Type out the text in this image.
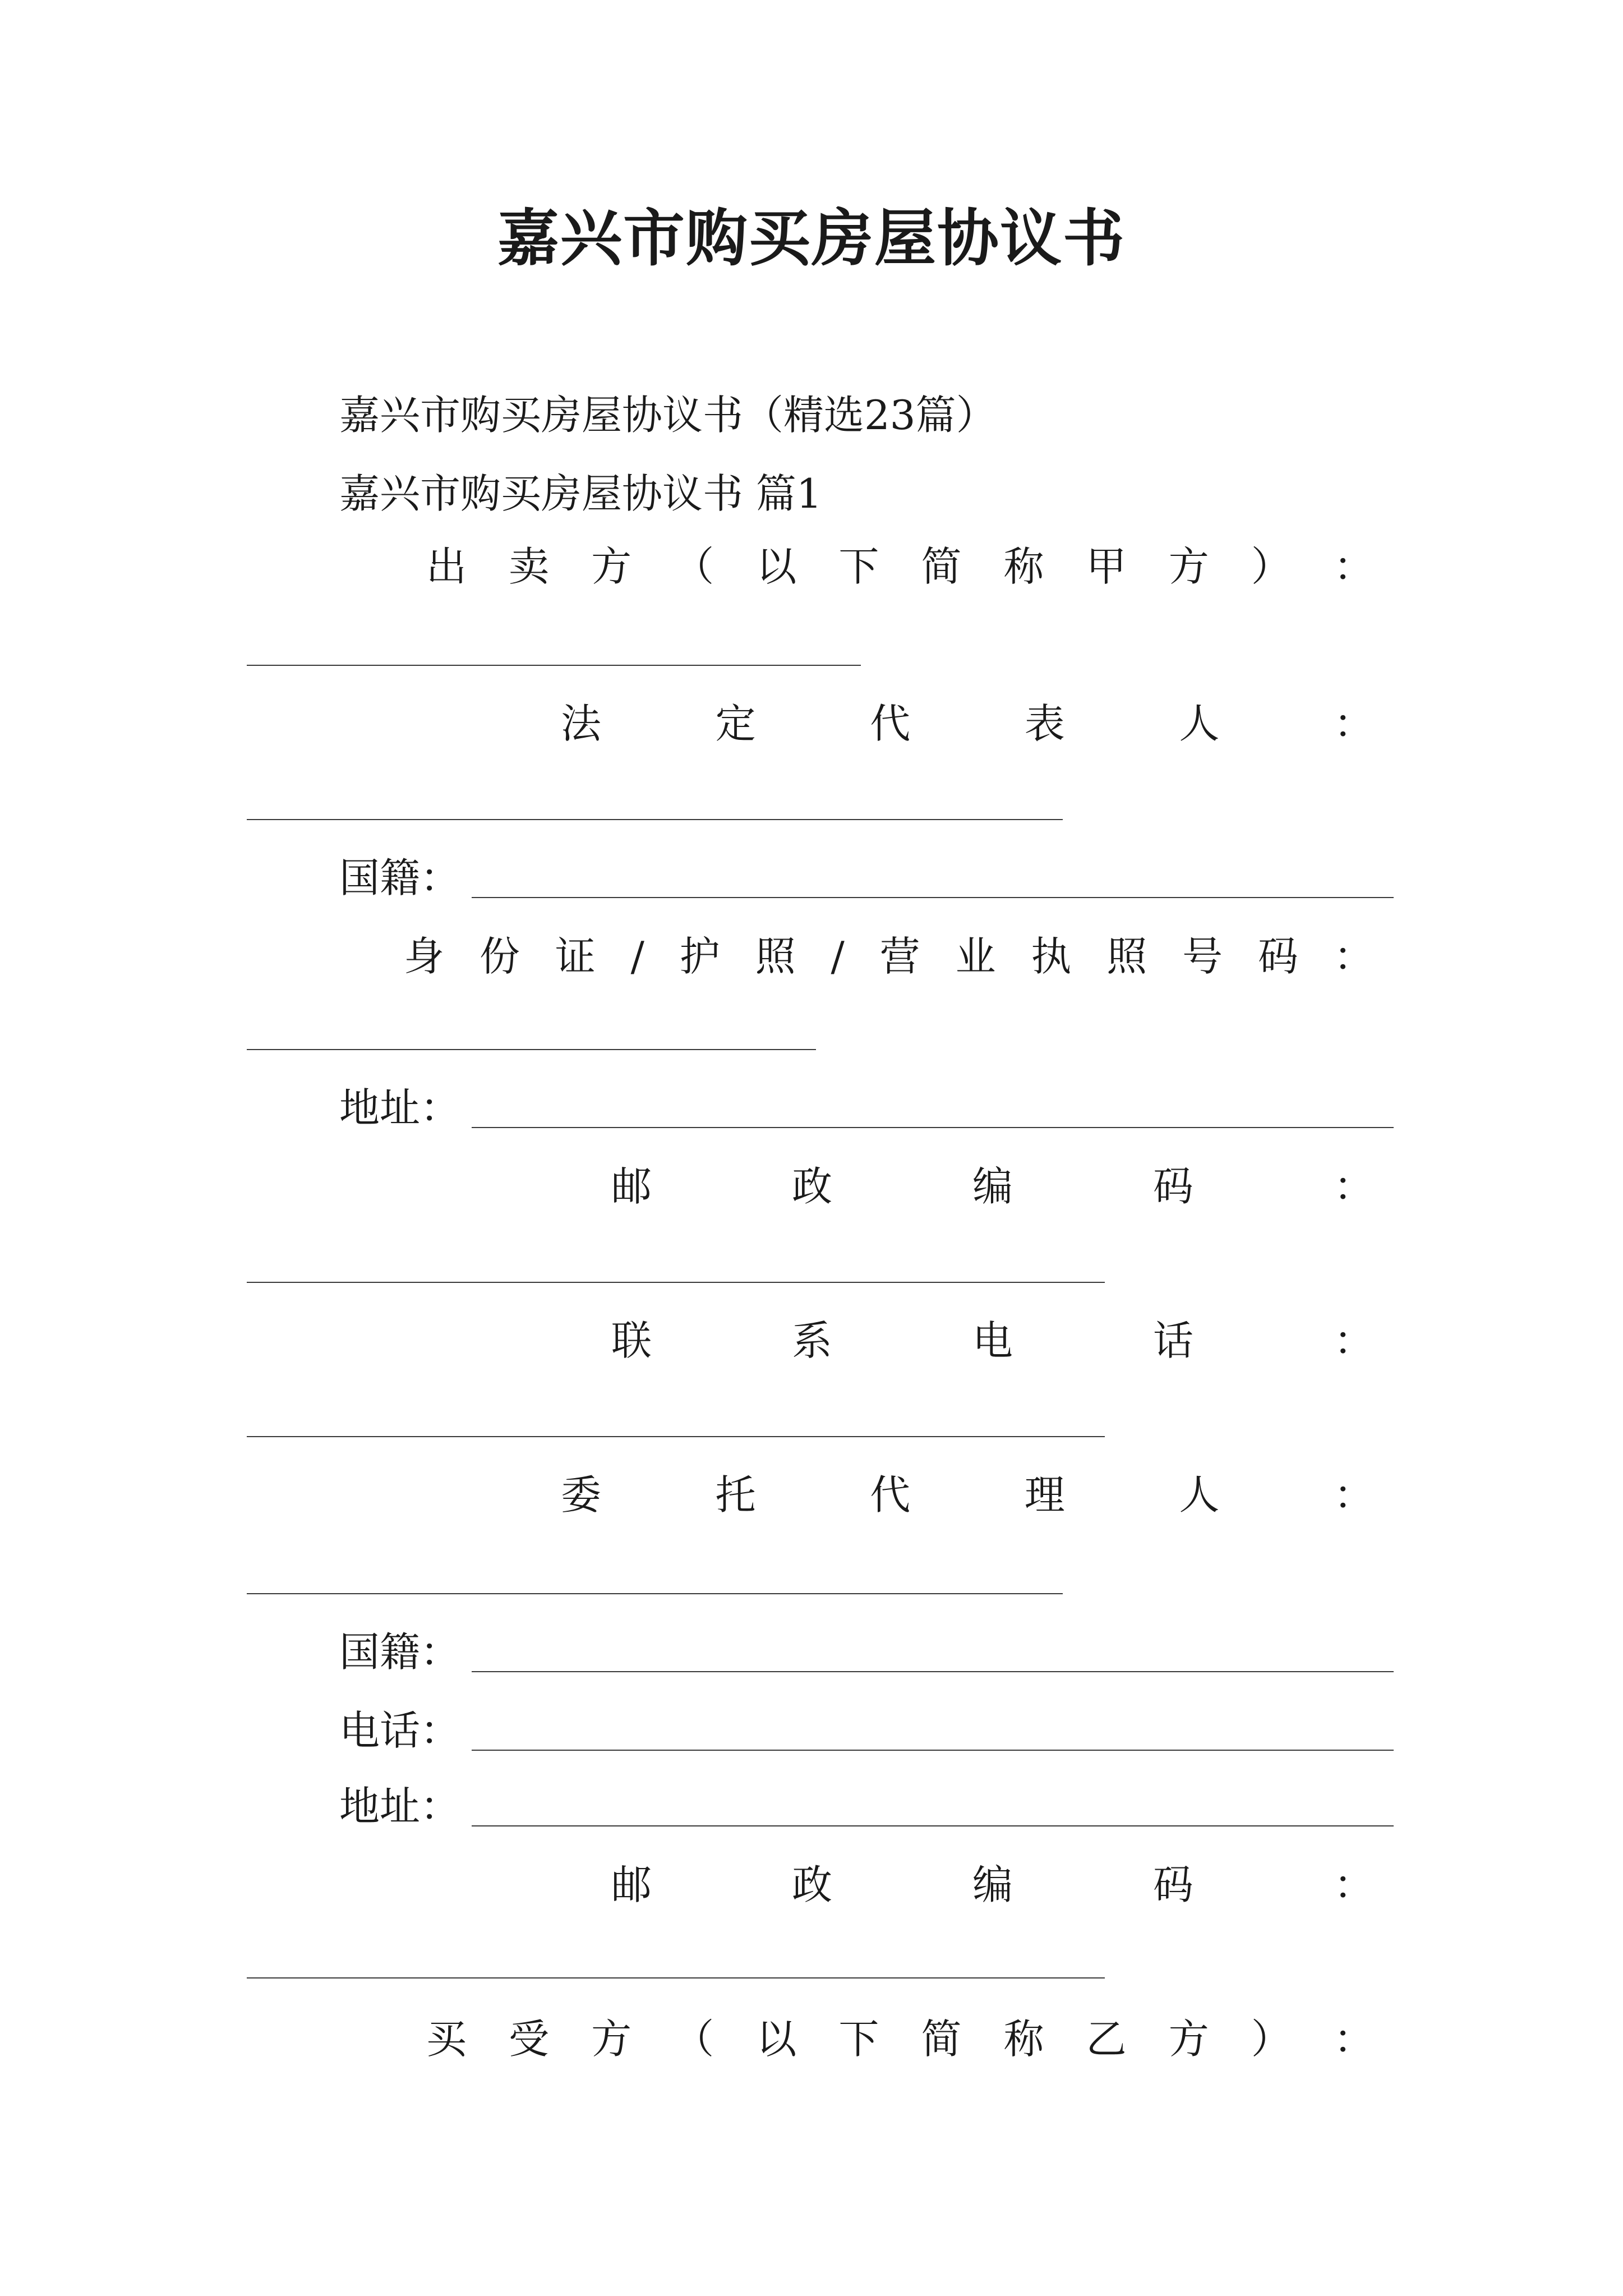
嘉兴市购买房屋协议书
嘉兴市购买房屋协议书（精选23篇）
嘉兴市购买房屋协议书 篇1
出 卖 方 （ 以 下 简 称 甲 方 ） ：
法	定	代	表	人	：
国籍：
身 份 证 / 护 照 / 营 业 执 照 号 码 ：
地址：
邮	政	编	码	：
联	系	电	话	：
委	托	代	理	人	：
国籍：
电话：
地址：
邮	政	编	码	：
买 受 方 （ 以 下 简 称 乙 方 ） ：
